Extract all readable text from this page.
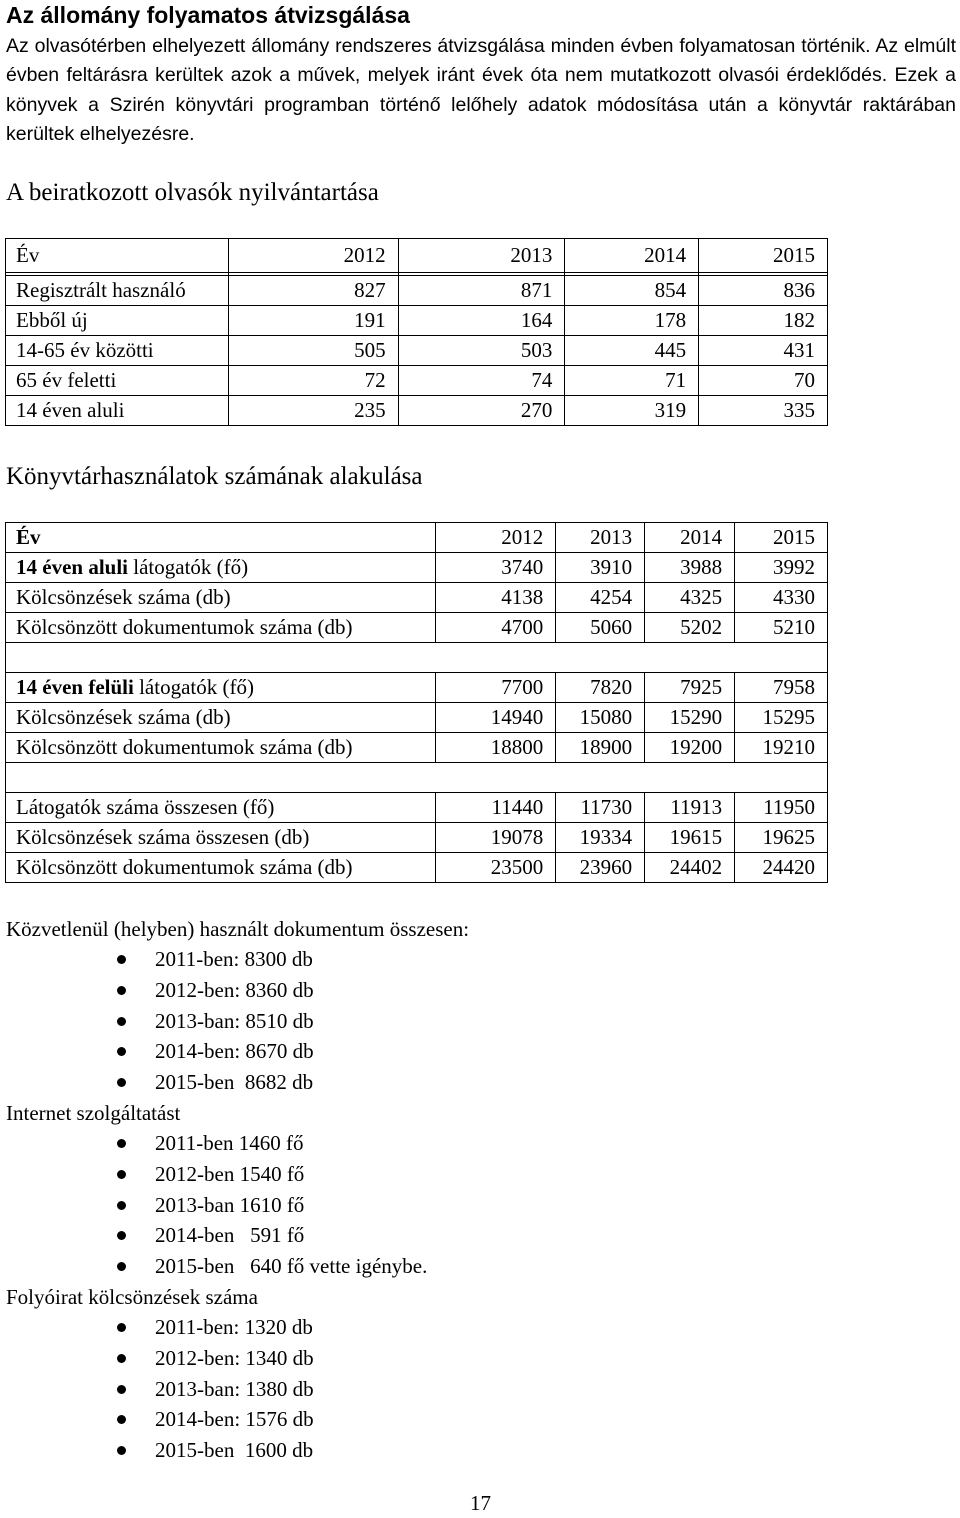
Az állomány folyamatos átvizsgálása
Az olvasótérben elhelyezett állomány rendszeres átvizsgálása minden évben folyamatosan történik. Az elmúlt évben feltárásra kerültek azok a művek, melyek iránt évek óta nem mutatkozott olvasói érdeklődés. Ezek a könyvek a Szirén könyvtári programban történő lelőhely adatok módosítása után a könyvtár raktárában kerültek elhelyezésre.
A beiratkozott olvasók nyilvántartása
Év	2012	2013	2014	2015

Regisztrált használó	827	871	854	836
Ebből új	191	164	178	182
14-65 év közötti	505	503	445	431
65 év feletti	72	74	71	70
14 éven aluli	235	270	319	335
Könyvtárhasználatok számának alakulása
Év	2012	2013	2014	2015
14 éven aluli látogatók (fő)	3740	3910	3988	3992
Kölcsönzések száma (db)	4138	4254	4325	4330
Kölcsönzött dokumentumok száma (db)	4700	5060	5202	5210

14 éven felüli látogatók (fő)	7700	7820	7925	7958
Kölcsönzések száma (db)	14940	15080	15290	15295
Kölcsönzött dokumentumok száma (db)	18800	18900	19200	19210

Látogatók száma összesen (fő)	11440	11730	11913	11950
Kölcsönzések száma összesen (db)	19078	19334	19615	19625
Kölcsönzött dokumentumok száma (db)	23500	23960	24402	24420
Közvetlenül (helyben) használt dokumentum összesen:
2011-ben: 8300 db
2012-ben: 8360 db
2013-ban: 8510 db
2014-ben: 8670 db
2015-ben  8682 db
Internet szolgáltatást
2011-ben 1460 fő
2012-ben 1540 fő
2013-ban 1610 fő
2014-ben   591 fő
2015-ben   640 fő vette igénybe.
Folyóirat kölcsönzések száma
2011-ben: 1320 db
2012-ben: 1340 db
2013-ban: 1380 db
2014-ben: 1576 db
2015-ben  1600 db
17
